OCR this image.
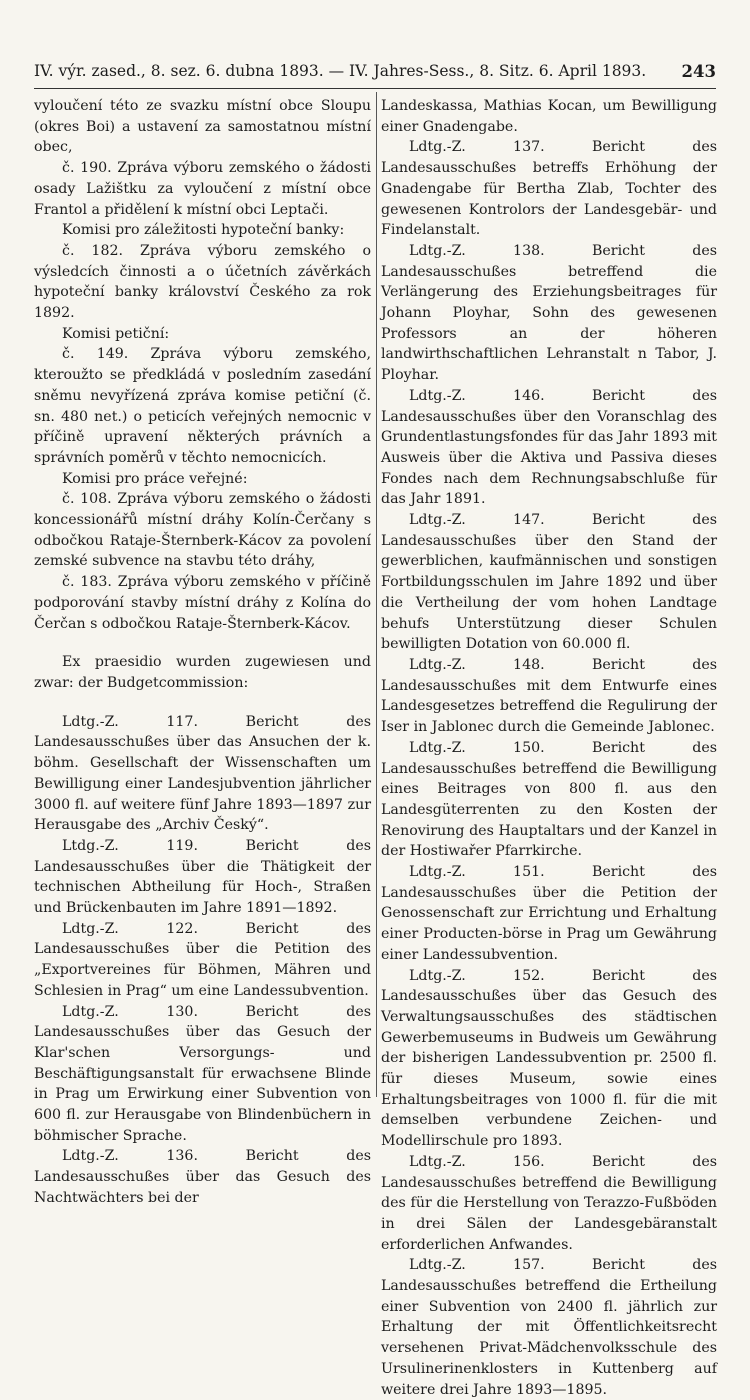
IV. výr. zased., 8. sez. 6. dubna 1893. — IV. Jahres-Sess., 8. Sitz. 6. April 1893. 243

vyloučení této ze svazku místní obce Sloupu (okres Boi) a ustavení za samostatnou místní obec,

č. 190. Zpráva výboru zemského o žádosti osady Lažištku za vyloučení z místní obce Frantol a přidělení k místní obci Leptači.

Komisi pro záležitosti hypoteční banky:

č. 182. Zpráva výboru zemského o výsledcích činnosti a o účetních závěrkách hypoteční banky království Českého za rok 1892.

Komisi petiční:

č. 149. Zpráva výboru zemského, kteroužto se předkládá v posledním zasedání sněmu nevyřízená zpráva komise petiční (č. sn. 480 net.) o peticích veřejných nemocnic v příčině upravení některých právních a správních poměrů v těchto nemocnicích.

Komisi pro práce veřejné:

č. 108. Zpráva výboru zemského o žádosti koncessionářů místní dráhy Kolín-Čerčany s odbočkou Rataje-Šternberk-Kácov za povolení zemské subvence na stavbu této dráhy,

č. 183. Zpráva výboru zemského v příčině podporování stavby místní dráhy z Kolína do Čerčan s odbočkou Rataje-Šternberk-Kácov.

Ex praesidio wurden zugewiesen und zwar: der Budgetcommission:

Ldtg.-Z. 117. Bericht des Landesausschußes über das Ansuchen der k. böhm. Gesellschaft der Wissenschaften um Bewilligung einer Landesjubvention jährlicher 3000 fl. auf weitere fünf Jahre 1893—1897 zur Herausgabe des „Archiv Český“.

Ltdg.-Z. 119. Bericht des Landesausschußes über die Thätigkeit der technischen Abtheilung für Hoch-, Straßen und Brückenbauten im Jahre 1891—1892.

Ldtg.-Z. 122. Bericht des Landesausschußes über die Petition des „Exportvereines für Böhmen, Mähren und Schlesien in Prag“ um eine Landessubvention.

Ldtg.-Z. 130. Bericht des Landesausschußes über das Gesuch der Klar'schen Versorgungs- und Beschäftigungsanstalt für erwachsene Blinde in Prag um Erwirkung einer Subvention von 600 fl. zur Herausgabe von Blindenbüchern in böhmischer Sprache.

Ldtg.-Z. 136. Bericht des Landesausschußes über das Gesuch des Nachtwächters bei der

Landeskassa, Mathias Kocan, um Bewilligung einer Gnadengabe.

Ldtg.-Z. 137. Bericht des Landesausschußes betreffs Erhöhung der Gnadengabe für Bertha Zlab, Tochter des gewesenen Kontrolors der Landesgebär- und Findelanstalt.

Ldtg.-Z. 138. Bericht des Landesausschußes betreffend die Verlängerung des Erziehungsbeitrages für Johann Ployhar, Sohn des gewesenen Professors an der höheren landwirthschaftlichen Lehranstalt n Tabor, J. Ployhar.

Ldtg.-Z. 146. Bericht des Landesausschußes über den Voranschlag des Grundentlastungsfondes für das Jahr 1893 mit Ausweis über die Aktiva und Passiva dieses Fondes nach dem Rechnungsabschluße für das Jahr 1891.

Ldtg.-Z. 147. Bericht des Landesausschußes über den Stand der gewerblichen, kaufmännischen und sonstigen Fortbildungsschulen im Jahre 1892 und über die Vertheilung der vom hohen Landtage behufs Unterstützung dieser Schulen bewilligten Dotation von 60.000 fl.

Ldtg.-Z. 148. Bericht des Landesausschußes mit dem Entwurfe eines Landesgesetzes betreffend die Regulirung der Iser in Jablonec durch die Gemeinde Jablonec.

Ldtg.-Z. 150. Bericht des Landesausschußes betreffend die Bewilligung eines Beitrages von 800 fl. aus den Landesgüterrenten zu den Kosten der Renovirung des Hauptaltars und der Kanzel in der Hostiwařer Pfarrkirche.

Ldtg.-Z. 151. Bericht des Landesausschußes über die Petition der Genossenschaft zur Errichtung und Erhaltung einer Producten-börse in Prag um Gewährung einer Landessubvention.

Ldtg.-Z. 152. Bericht des Landesausschußes über das Gesuch des Verwaltungsausschußes des städtischen Gewerbemuseums in Budweis um Gewährung der bisherigen Landessubvention pr. 2500 fl. für dieses Museum, sowie eines Erhaltungsbeitrages von 1000 fl. für die mit demselben verbundene Zeichen- und Modellirschule pro 1893.

Ldtg.-Z. 156. Bericht des Landesausschußes betreffend die Bewilligung des für die Herstellung von Terazzo-Fußböden in drei Sälen der Landesgebäranstalt erforderlichen Anfwandes.

Ldtg.-Z. 157. Bericht des Landesausschußes betreffend die Ertheilung einer Subvention von 2400 fl. jährlich zur Erhaltung der mit Öffentlichkeitsrecht versehenen Privat-Mädchenvolksschule des Ursulinerinenklosters in Kuttenberg auf weitere drei Jahre 1893—1895.
